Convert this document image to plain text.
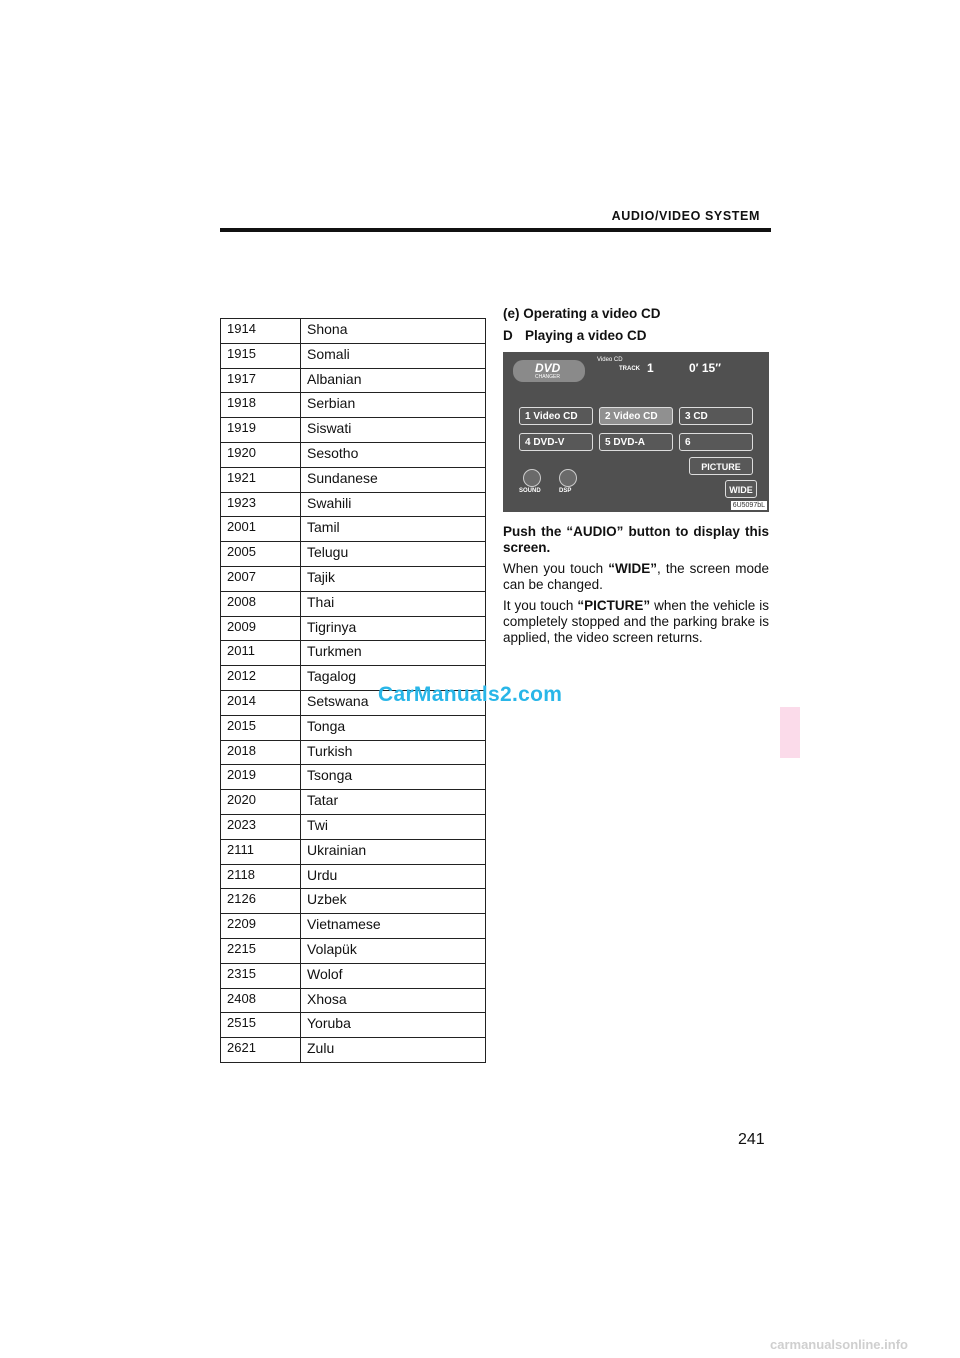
AUDIO/VIDEO SYSTEM
1914	Shona
1915	Somali
1917	Albanian
1918	Serbian
1919	Siswati
1920	Sesotho
1921	Sundanese
1923	Swahili
2001	Tamil
2005	Telugu
2007	Tajik
2008	Thai
2009	Tigrinya
2011	Turkmen
2012	Tagalog
2014	Setswana
2015	Tonga
2018	Turkish
2019	Tsonga
2020	Tatar
2023	Twi
2111	Ukrainian
2118	Urdu
2126	Uzbek
2209	Vietnamese
2215	Volapük
2315	Wolof
2408	Xhosa
2515	Yoruba
2621	Zulu
(e) Operating a video CD
D Playing a video CD
DVD
CHANGER
Video CD
TRACK 1	0′ 15″
1 Video CD	2 Video CD	3 CD
4 DVD-V	5 DVD-A	6
PICTURE
WIDE
SOUND	DSP
6U5097bL

Push the “AUDIO” button to display this screen.

When you touch “WIDE”, the screen mode can be changed.

It you touch “PICTURE” when the vehicle is completely stopped and the parking brake is applied, the video screen returns.

CarManuals2.com
241
carmanualsonline.info
